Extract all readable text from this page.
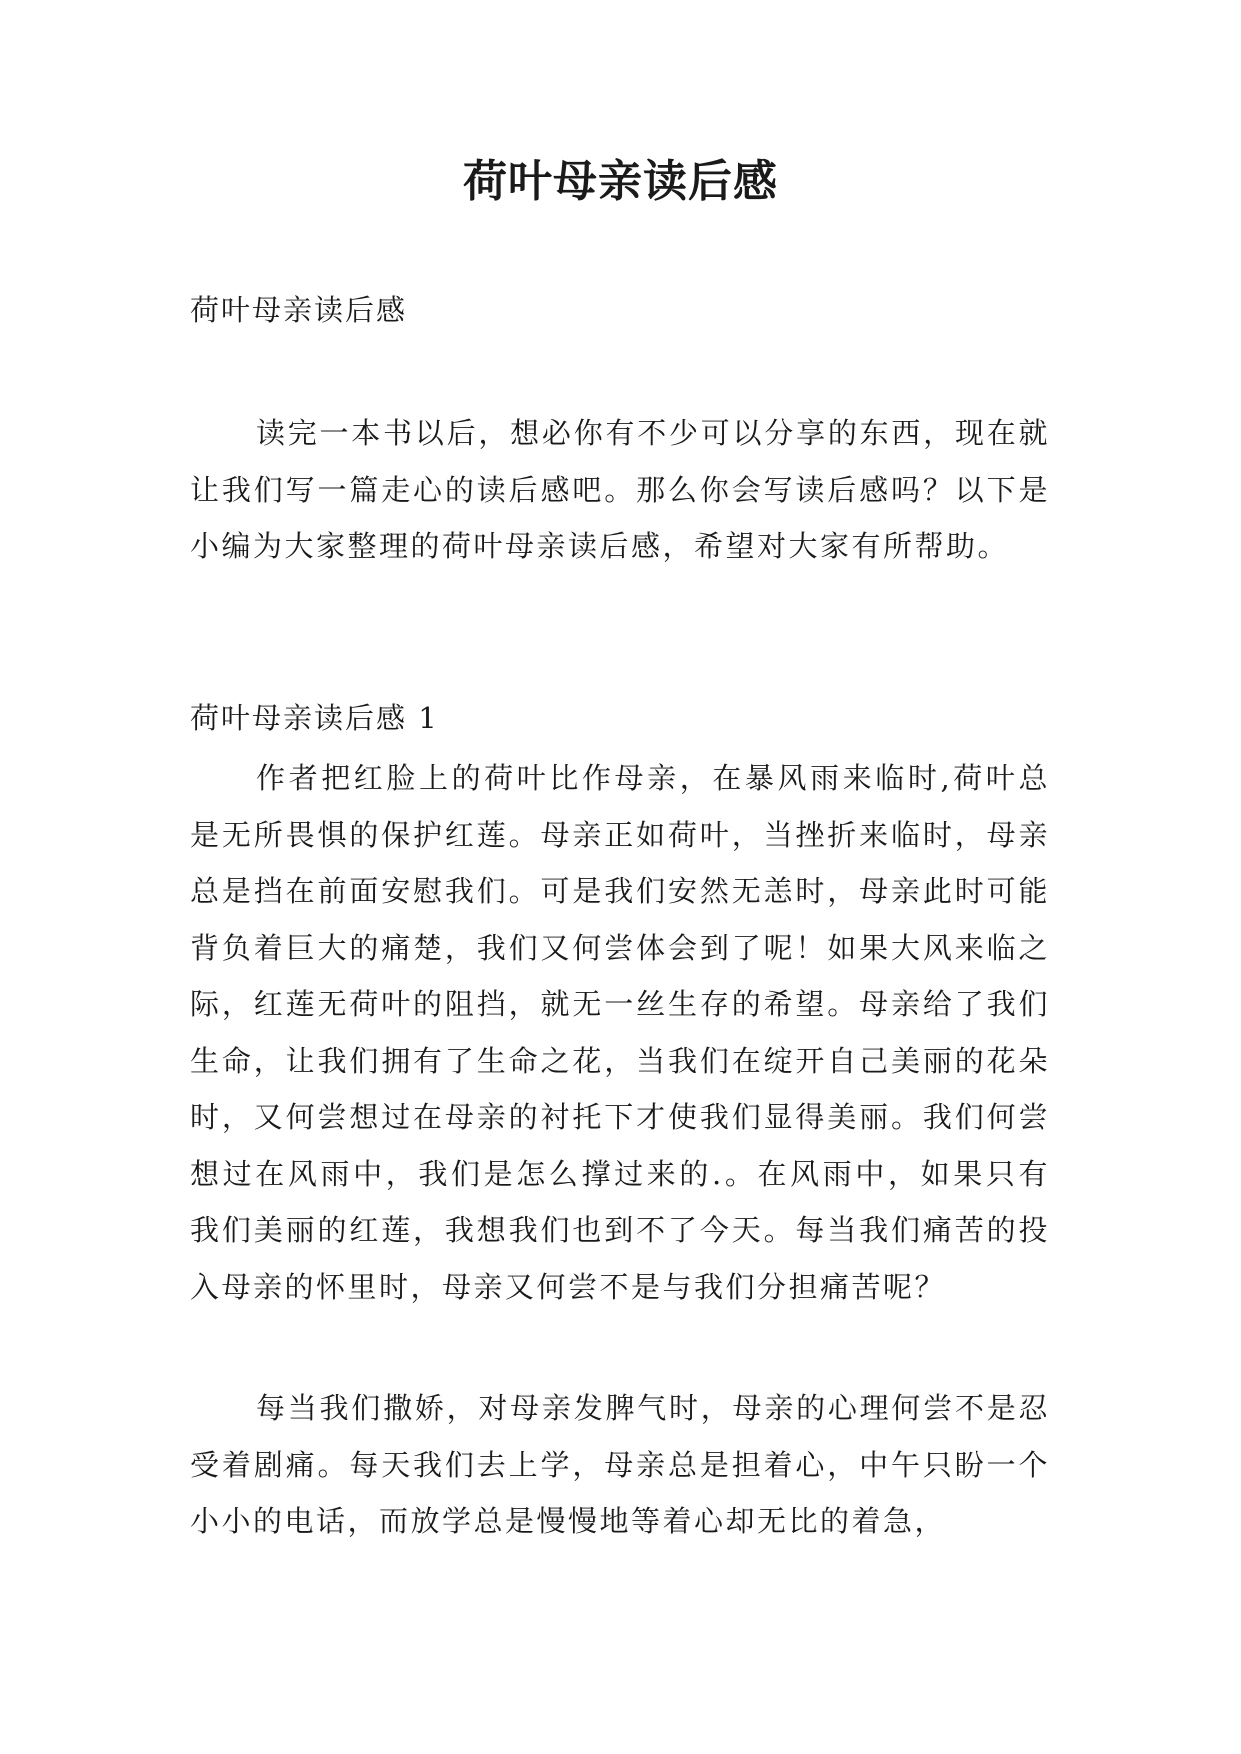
荷叶母亲读后感

荷叶母亲读后感

读完一本书以后，想必你有不少可以分享的东西，现在就让我们写一篇走心的读后感吧。那么你会写读后感吗？以下是小编为大家整理的荷叶母亲读后感，希望对大家有所帮助。

荷叶母亲读后感 1

作者把红脸上的荷叶比作母亲，在暴风雨来临时,荷叶总是无所畏惧的保护红莲。母亲正如荷叶，当挫折来临时，母亲总是挡在前面安慰我们。可是我们安然无恙时，母亲此时可能背负着巨大的痛楚，我们又何尝体会到了呢！如果大风来临之际，红莲无荷叶的阻挡，就无一丝生存的希望。母亲给了我们生命，让我们拥有了生命之花，当我们在绽开自己美丽的花朵时，又何尝想过在母亲的衬托下才使我们显得美丽。我们何尝想过在风雨中，我们是怎么撑过来的.。在风雨中，如果只有我们美丽的红莲，我想我们也到不了今天。每当我们痛苦的投入母亲的怀里时，母亲又何尝不是与我们分担痛苦呢？

每当我们撒娇，对母亲发脾气时，母亲的心理何尝不是忍受着剧痛。每天我们去上学，母亲总是担着心，中午只盼一个小小的电话，而放学总是慢慢地等着心却无比的着急，
